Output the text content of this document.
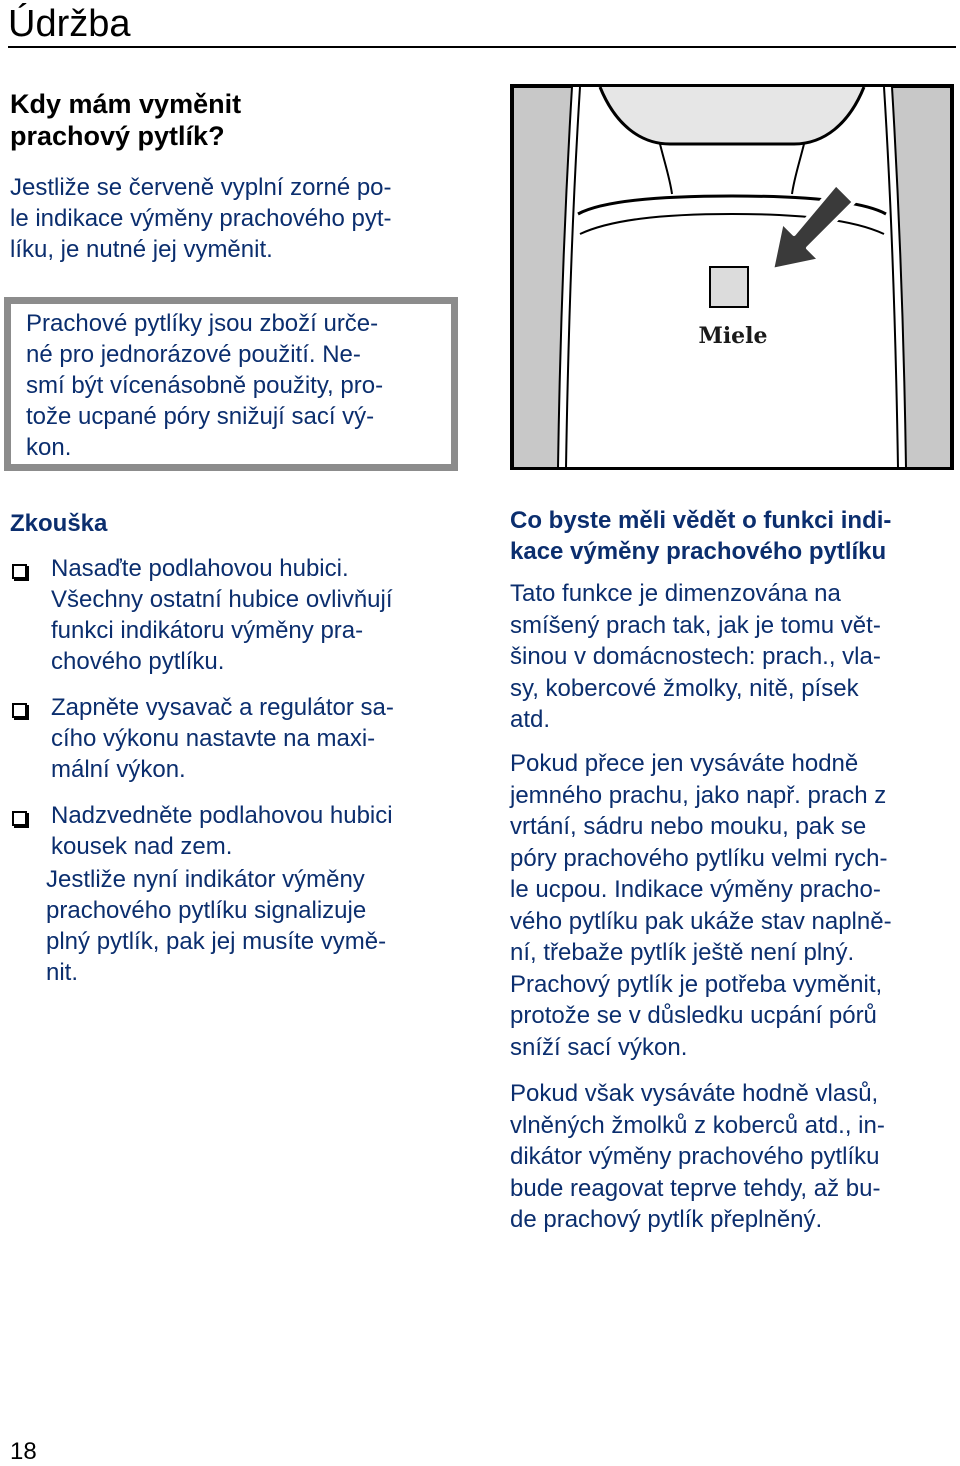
Údržba
Kdy mám vyměnit
prachový pytlík?
Jestliže se červeně vyplní zorné po-
le indikace výměny prachového pyt-
líku, je nutné jej vyměnit.
Prachové pytlíky jsou zboží urče-
né pro jednorázové použití. Ne-
smí být vícenásobně použity, pro-
tože ucpané póry snižují sací vý-
kon.
Zkouška
Nasaďte podlahovou hubici.
Všechny ostatní hubice ovlivňují
funkci indikátoru výměny pra-
chového pytlíku.
Zapněte vysavač a regulátor sa-
cího výkonu nastavte na maxi-
mální výkon.
Nadzvedněte podlahovou hubici
kousek nad zem.
Jestliže nyní indikátor výměny
prachového pytlíku signalizuje
plný pytlík, pak jej musíte vymě-
nit.
Miele
Co byste měli vědět o funkci indi-
kace výměny prachového pytlíku
Tato funkce je dimenzována na
smíšený prach tak, jak je tomu vět-
šinou v domácnostech: prach., vla-
sy, kobercové žmolky, nitě, písek
atd.
Pokud přece jen vysáváte hodně
jemného prachu, jako např. prach z
vrtání, sádru nebo mouku, pak se
póry prachového pytlíku velmi rych-
le ucpou. Indikace výměny pracho-
vého pytlíku pak ukáže stav naplně-
ní, třebaže pytlík ještě není plný.
Prachový pytlík je potřeba vyměnit,
protože se v důsledku ucpání pórů
sníží sací výkon.
Pokud však vysáváte hodně vlasů,
vlněných žmolků z koberců atd., in-
dikátor výměny prachového pytlíku
bude reagovat teprve tehdy, až bu-
de prachový pytlík přeplněný.
18
